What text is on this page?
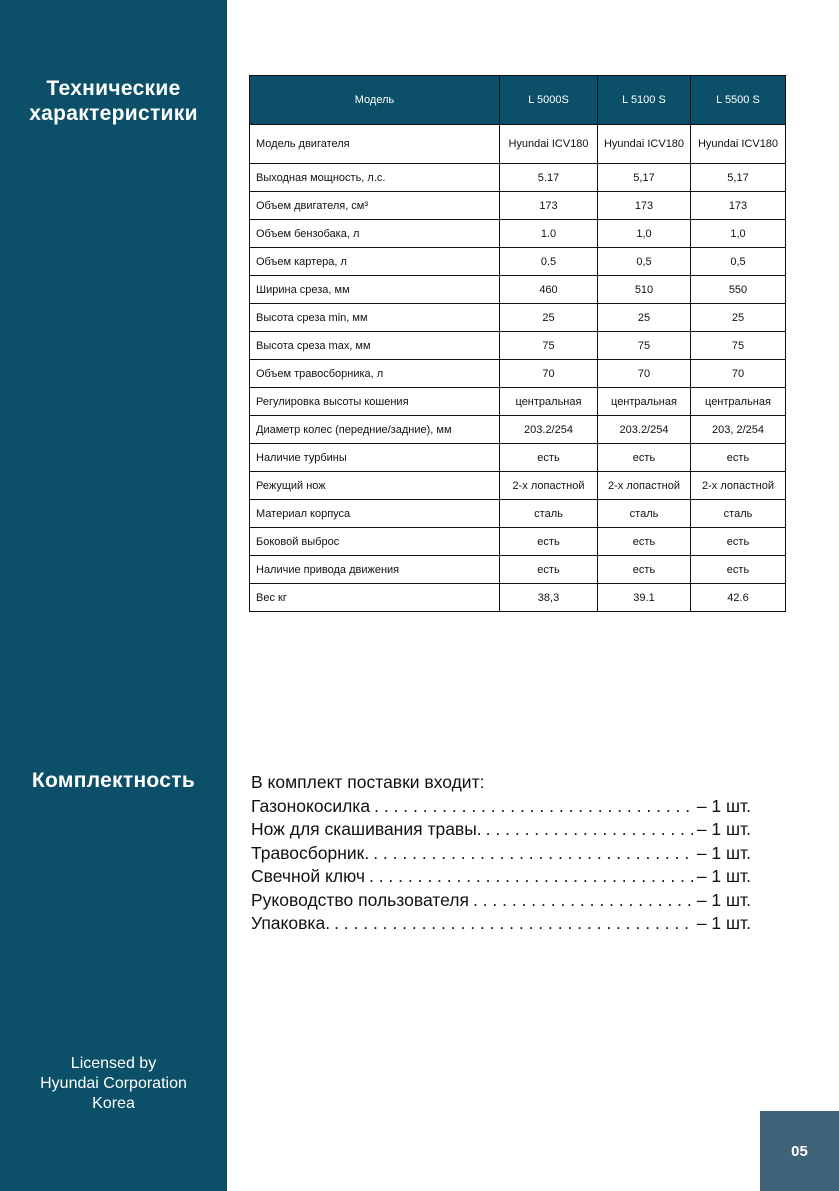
Технические
характеристики
Комплектность
Licensed by
Hyundai Corporation
Korea
Модель	L 5000S	L 5100 S	L 5500 S
Модель двигателя	Hyundai ICV180	Hyundai ICV180	Hyundai ICV180
Выходная мощность, л.с.	5.17	5,17	5,17
Объем двигателя, см³	173	173	173
Объем бензобака, л	1.0	1,0	1,0
Объем картера, л	0.5	0,5	0,5
Ширина среза, мм	460	510	550
Высота среза min, мм	25	25	25
Высота среза max, мм	75	75	75
Объем травосборника, л	70	70	70
Регулировка высоты кошения	центральная	центральная	центральная
Диаметр колес (передние/задние), мм	203.2/254	203.2/254	203, 2/254
Наличие турбины	есть	есть	есть
Режущий нож	2-х лопастной	2-х лопастной	2-х лопастной
Материал корпуса	сталь	сталь	сталь
Боковой выброс	есть	есть	есть
Наличие привода движения	есть	есть	есть
Вес кг	38,3	39.1	42.6
В комплект поставки входит:
Газонокосилка . . .	– 1 шт.
Нож для скашивания травы. . . .	– 1 шт.
Травосборник. . . .	– 1 шт.
Свечной ключ . . .	– 1 шт.
Руководство пользователя . . .	– 1 шт.
Упаковка. . . .	– 1 шт.
05
